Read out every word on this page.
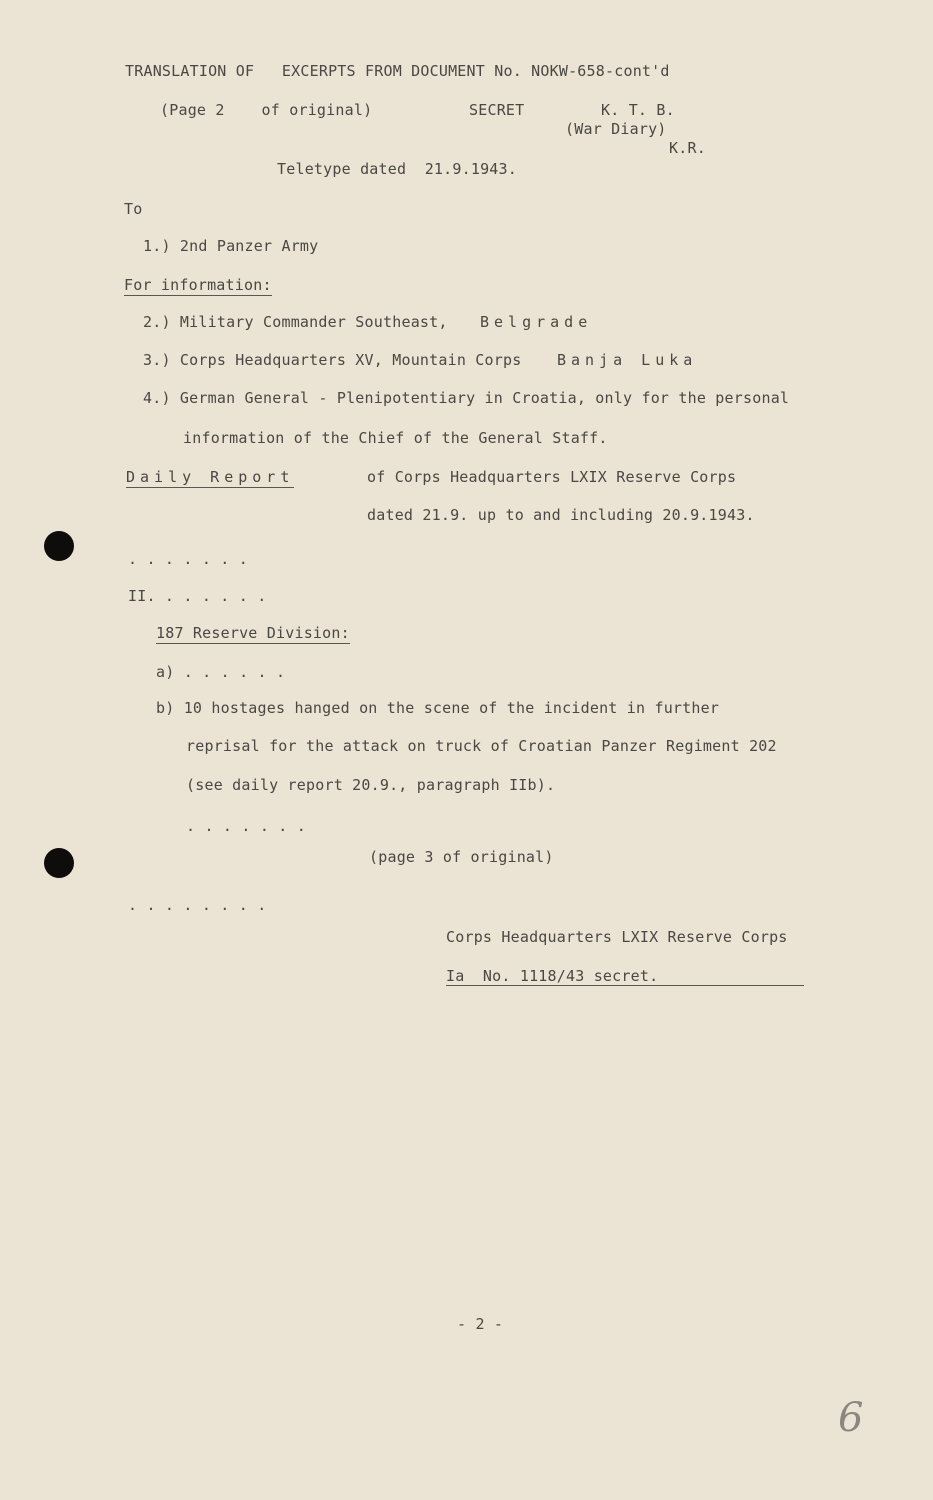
TRANSLATION OF   EXCERPTS FROM DOCUMENT No. NOKW-658-cont'd
(Page 2    of original)	SECRET	K. T. B.
(War Diary)
K.R.
Teletype dated  21.9.1943.
To
1.) 2nd Panzer Army
For information:
2.) Military Commander Southeast, Belgrade
3.) Corps Headquarters XV, Mountain Corps Banja Luka
4.) German General - Plenipotentiary in Croatia, only for the personal
information of the Chief of the General Staff.
Daily Report	of Corps Headquarters LXIX Reserve Corps
dated 21.9. up to and including 20.9.1943.
. . . . . . .
II. . . . . . .
187 Reserve Division:
a) . . . . . .
b) 10 hostages hanged on the scene of the incident in further
reprisal for the attack on truck of Croatian Panzer Regiment 202
(see daily report 20.9., paragraph IIb).
. . . . . . .
(page 3 of original)
. . . . . . . .
Corps Headquarters LXIX Reserve Corps
Ia  No. 1118/43 secret.
- 2 -
6
